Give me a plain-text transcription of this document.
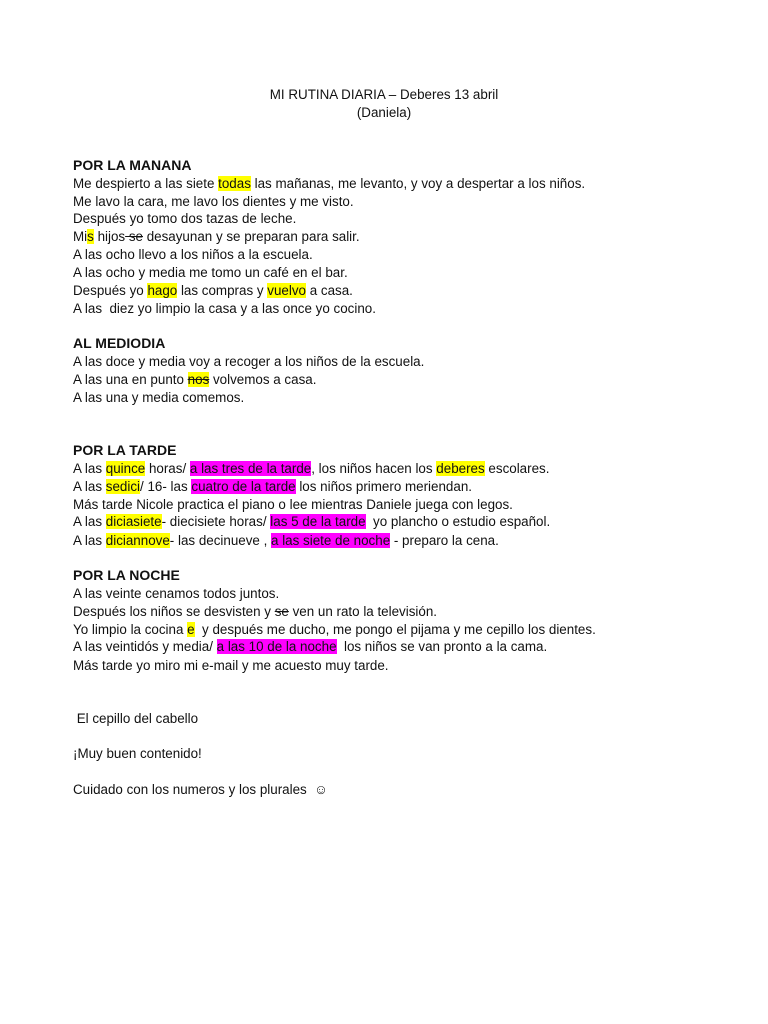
MI RUTINA DIARIA – Deberes 13 abril
(Daniela)
POR LA MANANA
Me despierto a las siete todas las mañanas, me levanto, y voy a despertar a los niños.
Me lavo la cara, me lavo los dientes y me visto.
Después yo tomo dos tazas de leche.
Mis hijos se desayunan y se preparan para salir.
A las ocho llevo a los niños a la escuela.
A las ocho y media me tomo un café en el bar.
Después yo hago las compras y vuelvo a casa.
A las  diez yo limpio la casa y a las once yo cocino.
AL MEDIODIA
A las doce y media voy a recoger a los niños de la escuela.
A las una en punto nos volvemos a casa.
A las una y media comemos.
POR LA TARDE
A las quince horas/ a las tres de la tarde, los niños hacen los deberes escolares.
A las sedici/ 16- las cuatro de la tarde los niños primero meriendan.
Más tarde Nicole practica el piano o lee mientras Daniele juega con legos.
A las diciasiete- diecisiete horas/ las 5 de la tarde  yo plancho o estudio español.
A las diciannove- las decinueve , a las siete de noche - preparo la cena.
POR LA NOCHE
A las veinte cenamos todos juntos.
Después los niños se desvisten y se ven un rato la televisión.
Yo limpio la cocina e  y después me ducho, me pongo el pijama y me cepillo los dientes.
A las veintidós y media/ a las 10 de la noche  los niños se van pronto a la cama.
Más tarde yo miro mi e-mail y me acuesto muy tarde.
El cepillo del cabello
¡Muy buen contenido!
Cuidado con los numeros y los plurales  ☺
